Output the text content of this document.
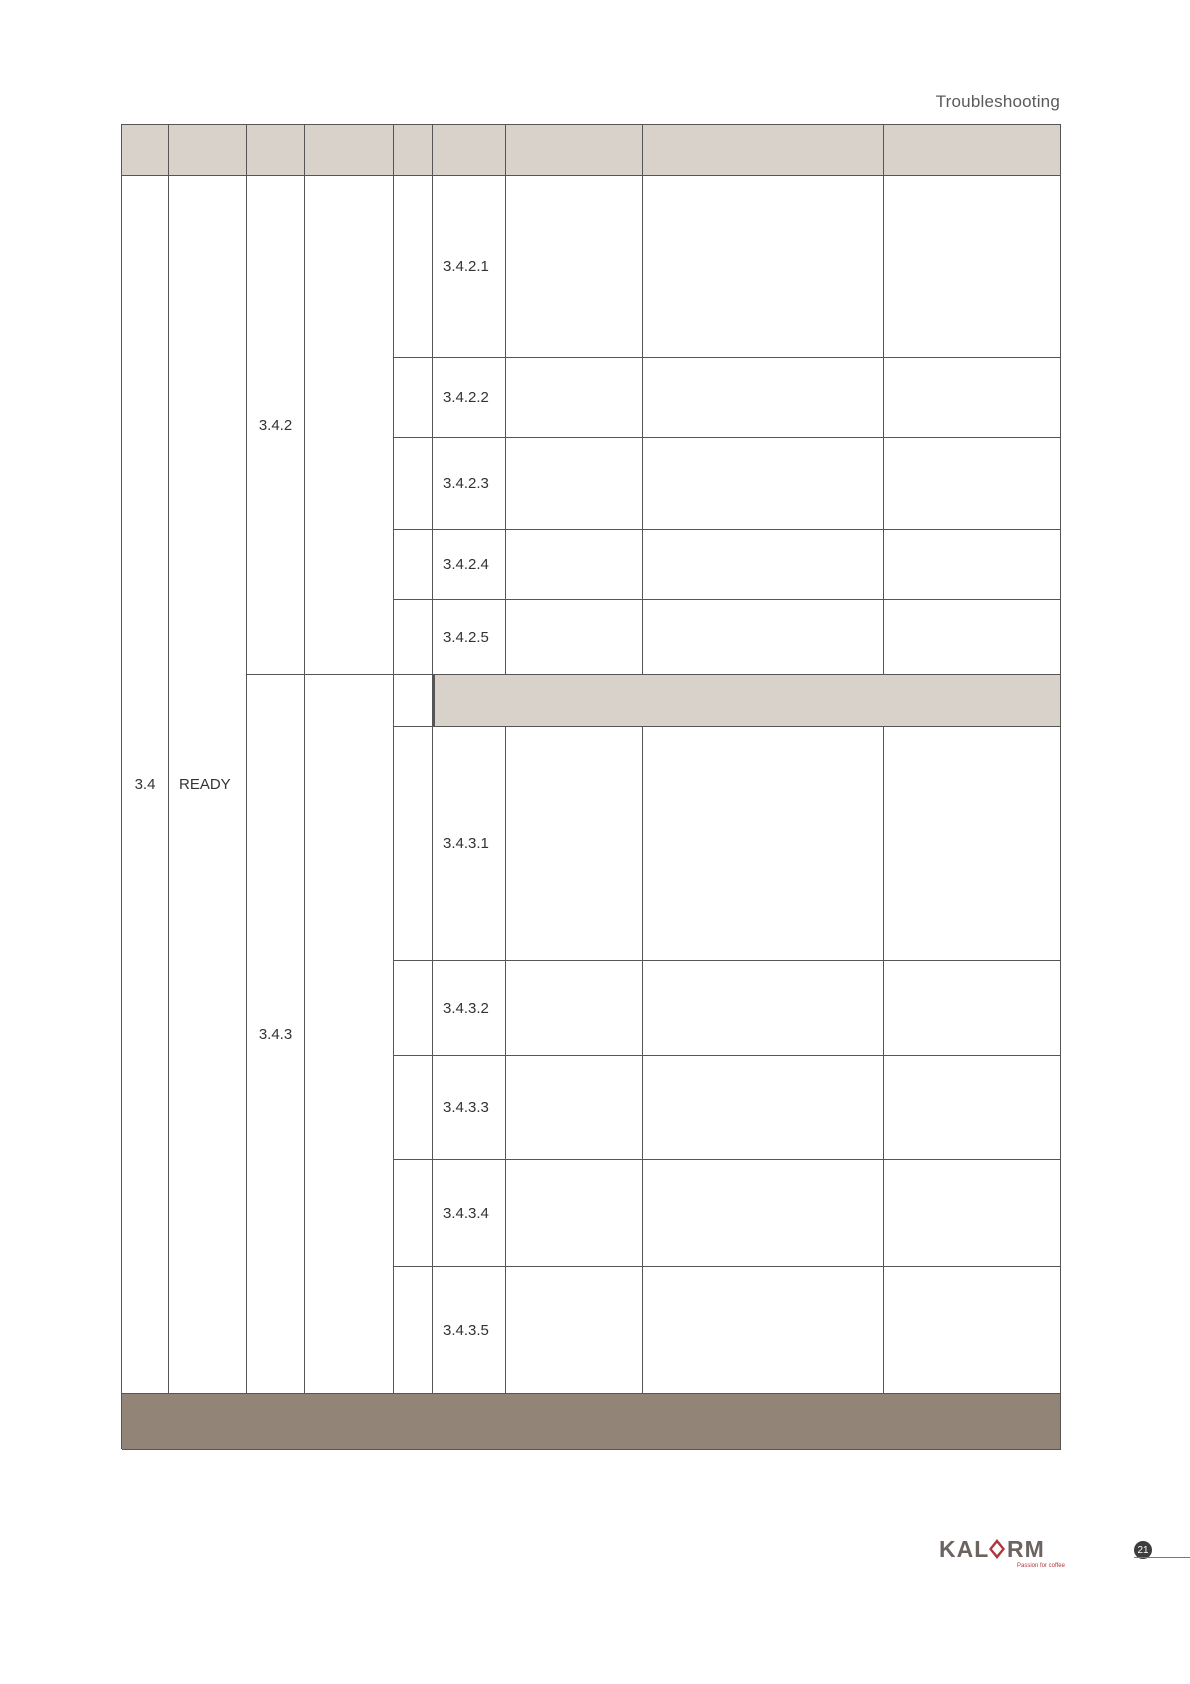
Troubleshooting
3.4	READY
3.4.2
3.4.3
3.4.2.1
3.4.2.2
3.4.2.3
3.4.2.4
3.4.2.5
3.4.3.1
3.4.3.2
3.4.3.3
3.4.3.4
3.4.3.5
KAL RM
Passion for coffee
21
